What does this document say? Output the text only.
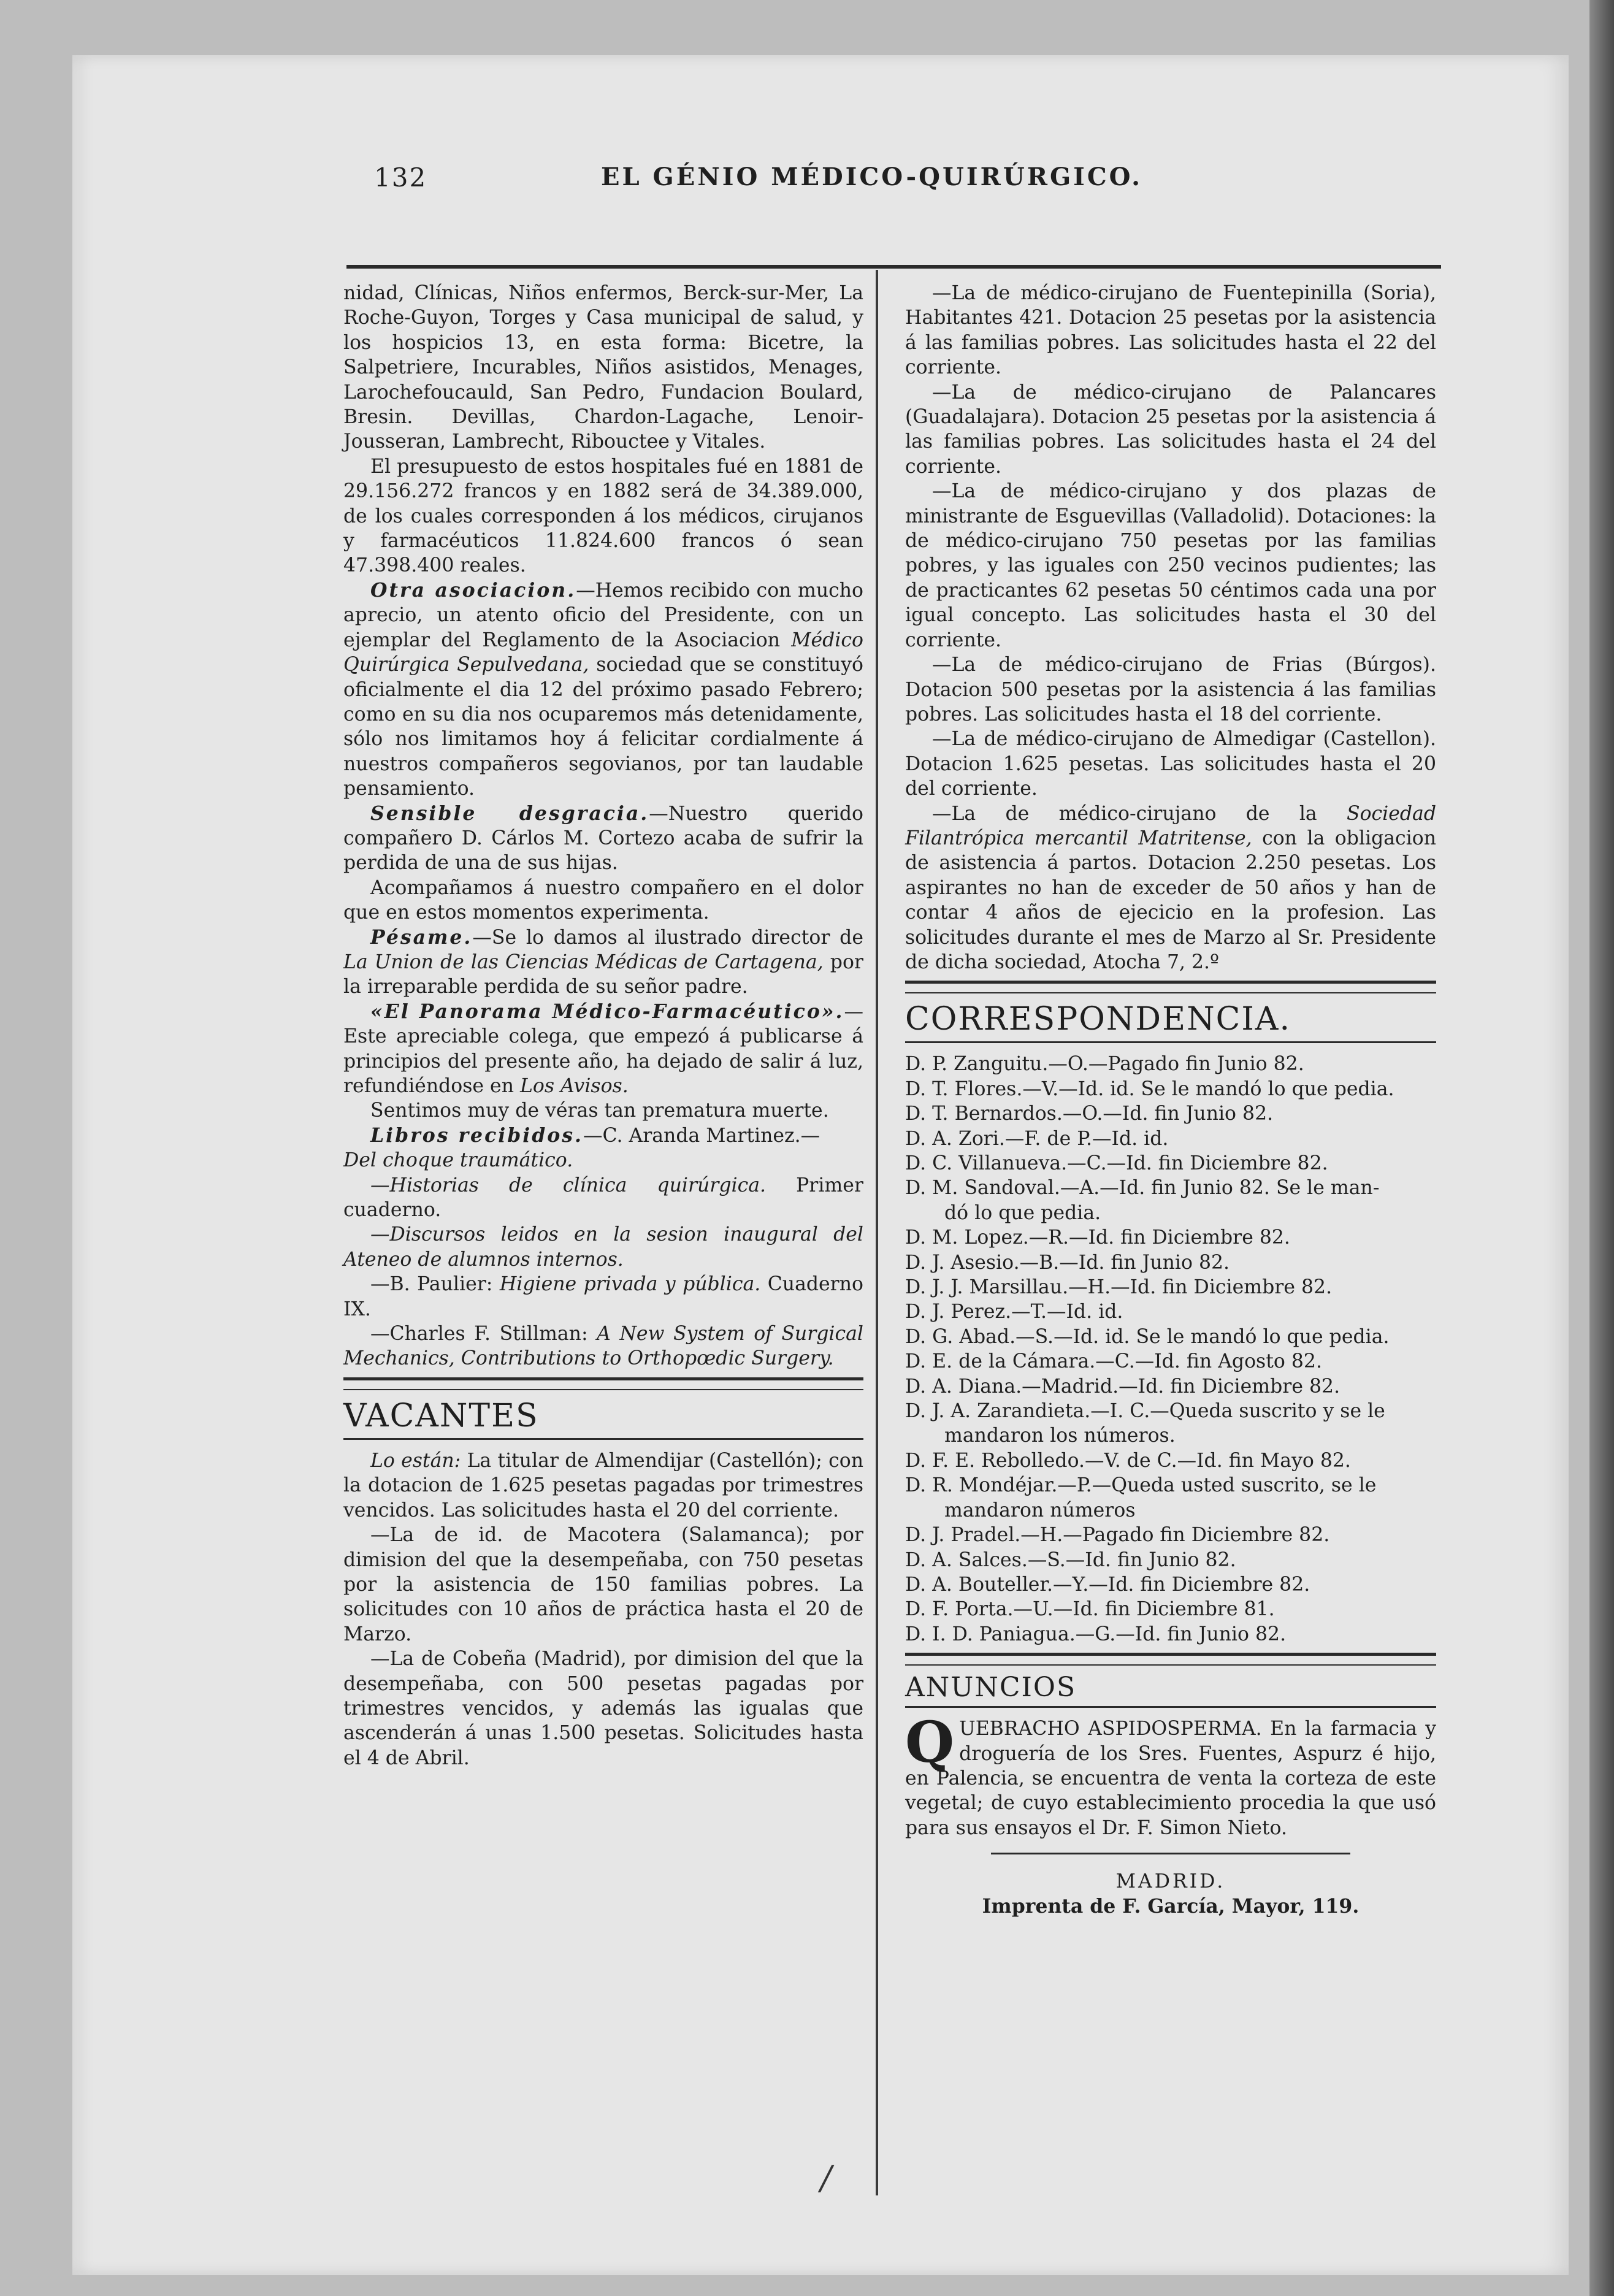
132	EL GÉNIO MÉDICO-QUIRÚRGICO.

nidad, Clínicas, Niños enfermos, Berck-sur-Mer, La Roche-Guyon, Torges y Casa municipal de salud, y los hospicios 13, en esta forma: Bicetre, la Salpetriere, Incurables, Niños asistidos, Menages, Larochefoucauld, San Pedro, Fundacion Boulard, Bresin. Devillas, Chardon-Lagache, Lenoir-Jousseran, Lambrecht, Ribouctee y Vitales.

El presupuesto de estos hospitales fué en 1881 de 29.156.272 francos y en 1882 será de 34.389.000, de los cuales corresponden á los médicos, cirujanos y farmacéuticos 11.824.600 francos ó sean 47.398.400 reales.

Otra asociacion.—Hemos recibido con mucho aprecio, un atento oficio del Presidente, con un ejemplar del Reglamento de la Asociacion Médico Quirúrgica Sepulvedana, sociedad que se constituyó oficialmente el dia 12 del próximo pasado Febrero; como en su dia nos ocuparemos más detenidamente, sólo nos limitamos hoy á felicitar cordialmente á nuestros compañeros segovianos, por tan laudable pensamiento.

Sensible desgracia.—Nuestro querido compañero D. Cárlos M. Cortezo acaba de sufrir la perdida de una de sus hijas.

Acompañamos á nuestro compañero en el dolor que en estos momentos experimenta.

Pésame.—Se lo damos al ilustrado director de La Union de las Ciencias Médicas de Cartagena, por la irreparable perdida de su señor padre.

«El Panorama Médico-Farmacéutico».—Este apreciable colega, que empezó á publicarse á principios del presente año, ha dejado de salir á luz, refundiéndose en Los Avisos.

Sentimos muy de véras tan prematura muerte.

Libros recibidos.—C. Aranda Martinez.—
Del choque traumático.

—Historias de clínica quirúrgica. Primer cuaderno.

—Discursos leidos en la sesion inaugural del Ateneo de alumnos internos.

—B. Paulier: Higiene privada y pública. Cuaderno IX.

—Charles F. Stillman: A New System of Surgical Mechanics, Contributions to Orthopœdic Surgery.

VACANTES

Lo están: La titular de Almendijar (Castellón); con la dotacion de 1.625 pesetas pagadas por trimestres vencidos. Las solicitudes hasta el 20 del corriente.

—La de id. de Macotera (Salamanca); por dimision del que la desempeñaba, con 750 pesetas por la asistencia de 150 familias pobres. La solicitudes con 10 años de práctica hasta el 20 de Marzo.

—La de Cobeña (Madrid), por dimision del que la desempeñaba, con 500 pesetas pagadas por trimestres vencidos, y además las igualas que ascenderán á unas 1.500 pesetas. Solicitudes hasta el 4 de Abril.

—La de médico-cirujano de Fuentepinilla (Soria), Habitantes 421. Dotacion 25 pesetas por la asistencia á las familias pobres. Las solicitudes hasta el 22 del corriente.

—La de médico-cirujano de Palancares (Guadalajara). Dotacion 25 pesetas por la asistencia á las familias pobres. Las solicitudes hasta el 24 del corriente.

—La de médico-cirujano y dos plazas de ministrante de Esguevillas (Valladolid). Dotaciones: la de médico-cirujano 750 pesetas por las familias pobres, y las iguales con 250 vecinos pudientes; las de practicantes 62 pesetas 50 céntimos cada una por igual concepto. Las solicitudes hasta el 30 del corriente.

—La de médico-cirujano de Frias (Búrgos). Dotacion 500 pesetas por la asistencia á las familias pobres. Las solicitudes hasta el 18 del corriente.

—La de médico-cirujano de Almedigar (Castellon). Dotacion 1.625 pesetas. Las solicitudes hasta el 20 del corriente.

—La de médico-cirujano de la Sociedad Filantrópica mercantil Matritense, con la obligacion de asistencia á partos. Dotacion 2.250 pesetas. Los aspirantes no han de exceder de 50 años y han de contar 4 años de ejecicio en la profesion. Las solicitudes durante el mes de Marzo al Sr. Presidente de dicha sociedad, Atocha 7, 2.º

CORRESPONDENCIA.

D. P. Zanguitu.—O.—Pagado fin Junio 82.
D. T. Flores.—V.—Id. id. Se le mandó lo que pedia.
D. T. Bernardos.—O.—Id. fin Junio 82.
D. A. Zori.—F. de P.—Id. id.
D. C. Villanueva.—C.—Id. fin Diciembre 82.
D. M. Sandoval.—A.—Id. fin Junio 82. Se le man-
dó lo que pedia.
D. M. Lopez.—R.—Id. fin Diciembre 82.
D. J. Asesio.—B.—Id. fin Junio 82.
D. J. J. Marsillau.—H.—Id. fin Diciembre 82.
D. J. Perez.—T.—Id. id.
D. G. Abad.—S.—Id. id. Se le mandó lo que pedia.
D. E. de la Cámara.—C.—Id. fin Agosto 82.
D. A. Diana.—Madrid.—Id. fin Diciembre 82.
D. J. A. Zarandieta.—I. C.—Queda suscrito y se le
mandaron los números.
D. F. E. Rebolledo.—V. de C.—Id. fin Mayo 82.
D. R. Mondéjar.—P.—Queda usted suscrito, se le
mandaron números
D. J. Pradel.—H.—Pagado fin Diciembre 82.
D. A. Salces.—S.—Id. fin Junio 82.
D. A. Bouteller.—Y.—Id. fin Diciembre 82.
D. F. Porta.—U.—Id. fin Diciembre 81.
D. I. D. Paniagua.—G.—Id. fin Junio 82.

ANUNCIOS

QUEBRACHO ASPIDOSPERMA. En la farmacia y droguería de los Sres. Fuentes, Aspurz é hijo, en Palencia, se encuentra de venta la corteza de este vegetal; de cuyo establecimiento procedia la que usó para sus ensayos el Dr. F. Simon Nieto.

MADRID.
Imprenta de F. García, Mayor, 119.
/
